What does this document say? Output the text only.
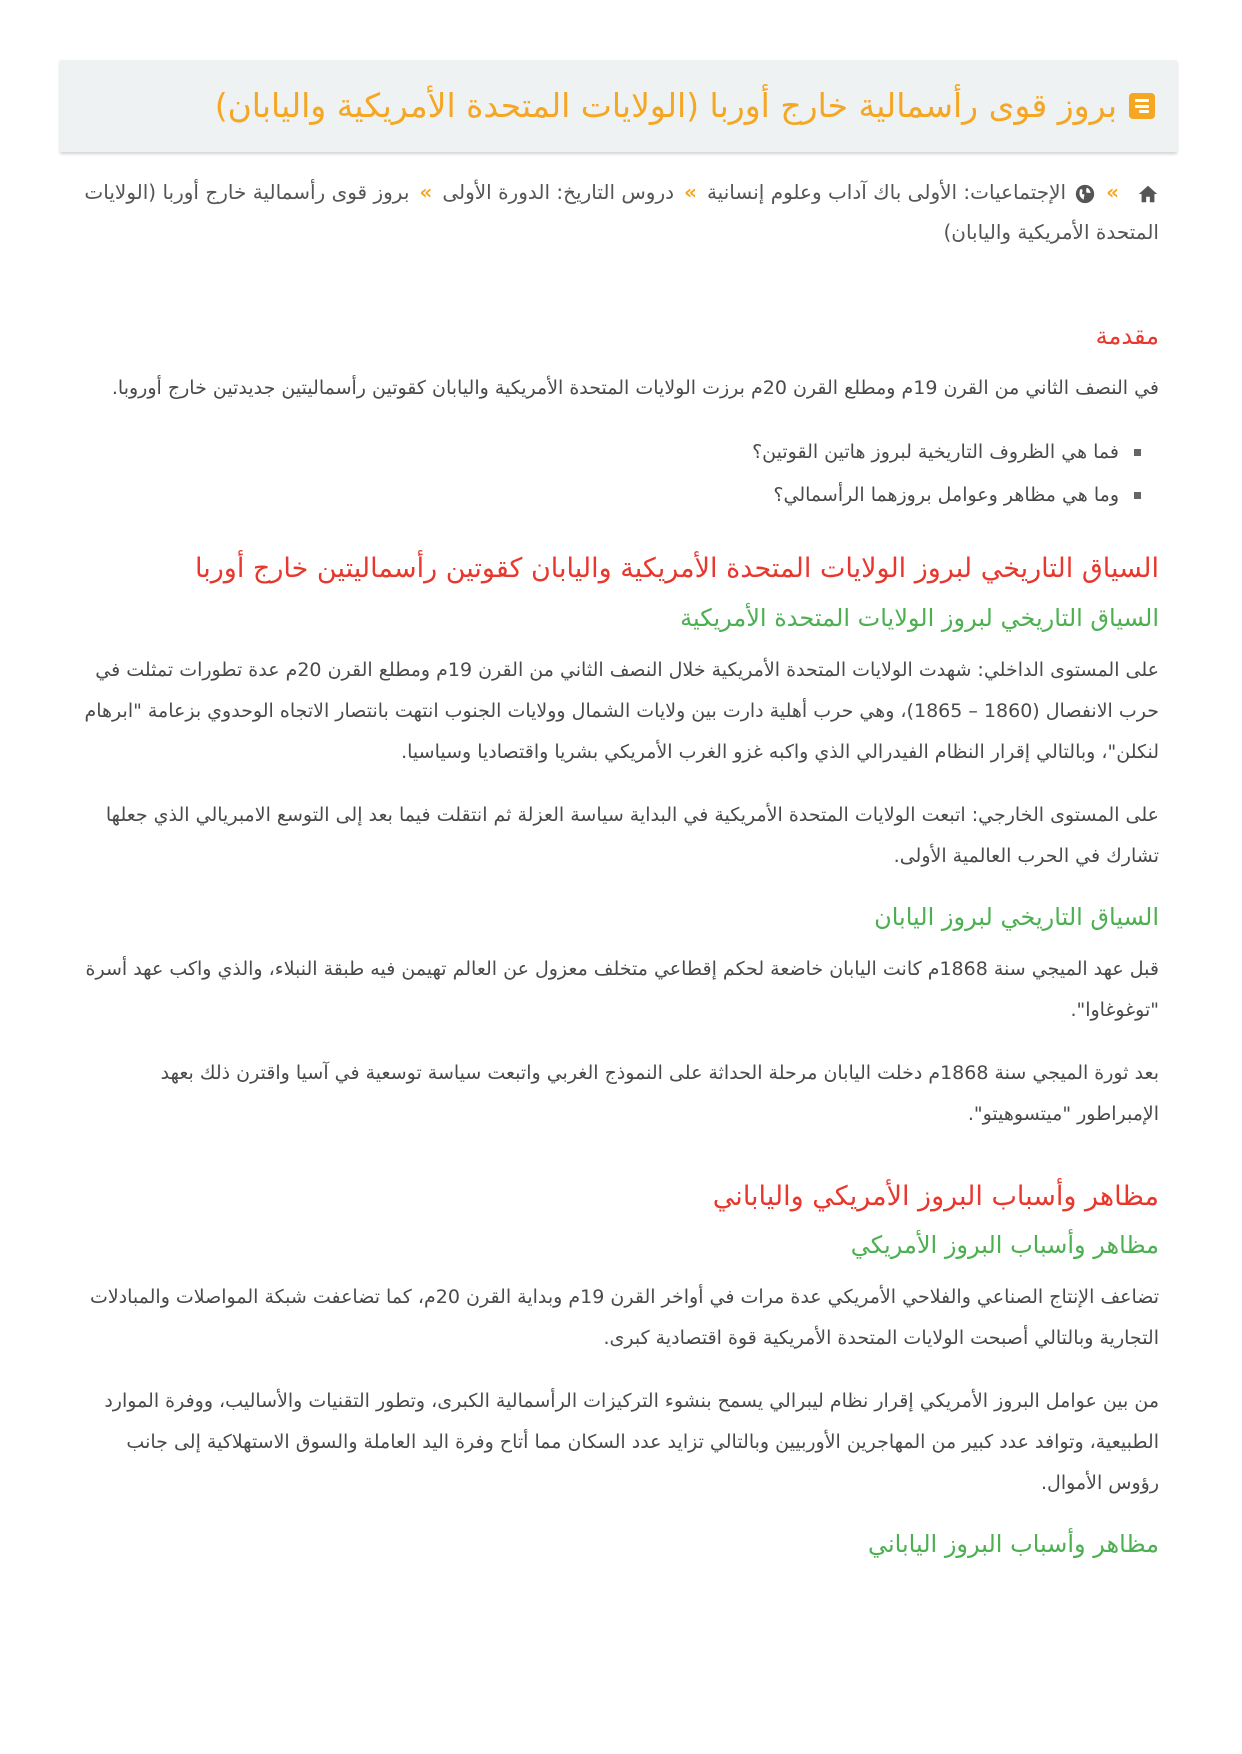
بروز قوى رأسمالية خارج أوربا (الولايات المتحدة الأمريكية واليابان)
»الإجتماعيات: الأولى باك آداب وعلوم إنسانية»دروس التاريخ: الدورة الأولى»بروز قوى رأسمالية خارج أوربا (الولايات المتحدة الأمريكية واليابان)
مقدمة

في النصف الثاني من القرن 19م ومطلع القرن 20م برزت الولايات المتحدة الأمريكية واليابان كقوتين رأسماليتين جديدتين خارج أوروبا.

فما هي الظروف التاريخية لبروز هاتين القوتين؟
وما هي مظاهر وعوامل بروزهما الرأسمالي؟
السياق التاريخي لبروز الولايات المتحدة الأمريكية واليابان كقوتين رأسماليتين خارج أوربا
السياق التاريخي لبروز الولايات المتحدة الأمريكية

على المستوى الداخلي: شهدت الولايات المتحدة الأمريكية خلال النصف الثاني من القرن 19م ومطلع القرن 20م عدة تطورات تمثلت في حرب الانفصال (1860 – 1865)، وهي حرب أهلية دارت بين ولايات الشمال وولايات الجنوب انتهت بانتصار الاتجاه الوحدوي بزعامة "ابرهام لنكلن"، وبالتالي إقرار النظام الفيدرالي الذي واكبه غزو الغرب الأمريكي بشريا واقتصاديا وسياسيا.

على المستوى الخارجي: اتبعت الولايات المتحدة الأمريكية في البداية سياسة العزلة ثم انتقلت فيما بعد إلى التوسع الامبريالي الذي جعلها تشارك في الحرب العالمية الأولى.

السياق التاريخي لبروز اليابان

قبل عهد الميجي سنة 1868م كانت اليابان خاضعة لحكم إقطاعي متخلف معزول عن العالم تهيمن فيه طبقة النبلاء، والذي واكب عهد أسرة "توغوغاوا".

بعد ثورة الميجي سنة 1868م دخلت اليابان مرحلة الحداثة على النموذج الغربي واتبعت سياسة توسعية في آسيا واقترن ذلك بعهد الإمبراطور "ميتسوهيتو".

مظاهر وأسباب البروز الأمريكي والياباني
مظاهر وأسباب البروز الأمريكي

تضاعف الإنتاج الصناعي والفلاحي الأمريكي عدة مرات في أواخر القرن 19م وبداية القرن 20م، كما تضاعفت شبكة المواصلات والمبادلات التجارية وبالتالي أصبحت الولايات المتحدة الأمريكية قوة اقتصادية كبرى.

من بين عوامل البروز الأمريكي إقرار نظام ليبرالي يسمح بنشوء التركيزات الرأسمالية الكبرى، وتطور التقنيات والأساليب، ووفرة الموارد الطبيعية، وتوافد عدد كبير من المهاجرين الأوربيين وبالتالي تزايد عدد السكان مما أتاح وفرة اليد العاملة والسوق الاستهلاكية إلى جانب رؤوس الأموال.

مظاهر وأسباب البروز الياباني
